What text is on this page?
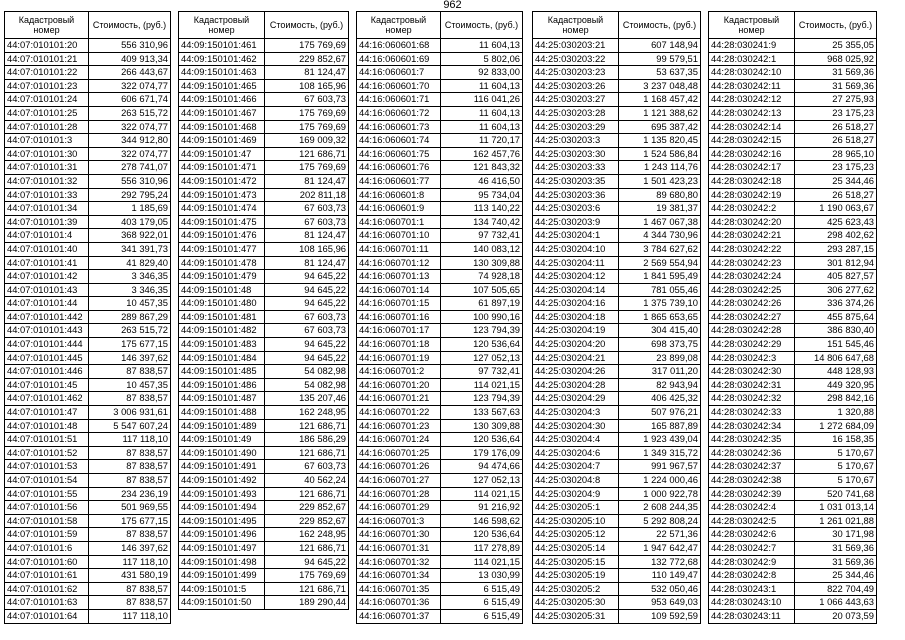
962
Кадастровый номер	Стоимость, (руб.)
44:07:010101:20	556 310,96
44:07:010101:21	409 913,34
44:07:010101:22	266 443,67
44:07:010101:23	322 074,77
44:07:010101:24	606 671,74
44:07:010101:25	263 515,72
44:07:010101:28	322 074,77
44:07:010101:3	344 912,80
44:07:010101:30	322 074,77
44:07:010101:31	278 741,07
44:07:010101:32	556 310,96
44:07:010101:33	292 795,24
44:07:010101:34	1 185,69
44:07:010101:39	403 179,05
44:07:010101:4	368 922,01
44:07:010101:40	341 391,73
44:07:010101:41	41 829,40
44:07:010101:42	3 346,35
44:07:010101:43	3 346,35
44:07:010101:44	10 457,35
44:07:010101:442	289 867,29
44:07:010101:443	263 515,72
44:07:010101:444	175 677,15
44:07:010101:445	146 397,62
44:07:010101:446	87 838,57
44:07:010101:45	10 457,35
44:07:010101:462	87 838,57
44:07:010101:47	3 006 931,61
44:07:010101:48	5 547 607,24
44:07:010101:51	117 118,10
44:07:010101:52	87 838,57
44:07:010101:53	87 838,57
44:07:010101:54	87 838,57
44:07:010101:55	234 236,19
44:07:010101:56	501 969,55
44:07:010101:58	175 677,15
44:07:010101:59	87 838,57
44:07:010101:6	146 397,62
44:07:010101:60	117 118,10
44:07:010101:61	431 580,19
44:07:010101:62	87 838,57
44:07:010101:63	87 838,57
44:07:010101:64	117 118,10
Кадастровый номер	Стоимость, (руб.)
44:09:150101:461	175 769,69
44:09:150101:462	229 852,67
44:09:150101:463	81 124,47
44:09:150101:465	108 165,96
44:09:150101:466	67 603,73
44:09:150101:467	175 769,69
44:09:150101:468	175 769,69
44:09:150101:469	169 009,32
44:09:150101:47	121 686,71
44:09:150101:471	175 769,69
44:09:150101:472	81 124,47
44:09:150101:473	202 811,18
44:09:150101:474	67 603,73
44:09:150101:475	67 603,73
44:09:150101:476	81 124,47
44:09:150101:477	108 165,96
44:09:150101:478	81 124,47
44:09:150101:479	94 645,22
44:09:150101:48	94 645,22
44:09:150101:480	94 645,22
44:09:150101:481	67 603,73
44:09:150101:482	67 603,73
44:09:150101:483	94 645,22
44:09:150101:484	94 645,22
44:09:150101:485	54 082,98
44:09:150101:486	54 082,98
44:09:150101:487	135 207,46
44:09:150101:488	162 248,95
44:09:150101:489	121 686,71
44:09:150101:49	186 586,29
44:09:150101:490	121 686,71
44:09:150101:491	67 603,73
44:09:150101:492	40 562,24
44:09:150101:493	121 686,71
44:09:150101:494	229 852,67
44:09:150101:495	229 852,67
44:09:150101:496	162 248,95
44:09:150101:497	121 686,71
44:09:150101:498	94 645,22
44:09:150101:499	175 769,69
44:09:150101:5	121 686,71
44:09:150101:50	189 290,44
Кадастровый номер	Стоимость, (руб.)
44:16:060601:68	11 604,13
44:16:060601:69	5 802,06
44:16:060601:7	92 833,00
44:16:060601:70	11 604,13
44:16:060601:71	116 041,26
44:16:060601:72	11 604,13
44:16:060601:73	11 604,13
44:16:060601:74	11 720,17
44:16:060601:75	162 457,76
44:16:060601:76	121 843,32
44:16:060601:77	46 416,50
44:16:060601:8	95 734,04
44:16:060601:9	113 140,22
44:16:060701:1	134 740,42
44:16:060701:10	97 732,41
44:16:060701:11	140 083,12
44:16:060701:12	130 309,88
44:16:060701:13	74 928,18
44:16:060701:14	107 505,65
44:16:060701:15	61 897,19
44:16:060701:16	100 990,16
44:16:060701:17	123 794,39
44:16:060701:18	120 536,64
44:16:060701:19	127 052,13
44:16:060701:2	97 732,41
44:16:060701:20	114 021,15
44:16:060701:21	123 794,39
44:16:060701:22	133 567,63
44:16:060701:23	130 309,88
44:16:060701:24	120 536,64
44:16:060701:25	179 176,09
44:16:060701:26	94 474,66
44:16:060701:27	127 052,13
44:16:060701:28	114 021,15
44:16:060701:29	91 216,92
44:16:060701:3	146 598,62
44:16:060701:30	120 536,64
44:16:060701:31	117 278,89
44:16:060701:32	114 021,15
44:16:060701:34	13 030,99
44:16:060701:35	6 515,49
44:16:060701:36	6 515,49
44:16:060701:37	6 515,49
Кадастровый номер	Стоимость, (руб.)
44:25:030203:21	607 148,94
44:25:030203:22	99 579,51
44:25:030203:23	53 637,35
44:25:030203:26	3 237 048,48
44:25:030203:27	1 168 457,42
44:25:030203:28	1 121 388,62
44:25:030203:29	695 387,42
44:25:030203:3	1 135 820,45
44:25:030203:30	1 524 586,84
44:25:030203:33	1 243 114,76
44:25:030203:35	1 501 423,23
44:25:030203:36	89 680,80
44:25:030203:6	19 381,37
44:25:030203:9	1 467 067,38
44:25:030204:1	4 344 730,96
44:25:030204:10	3 784 627,62
44:25:030204:11	2 569 554,94
44:25:030204:12	1 841 595,49
44:25:030204:14	781 055,46
44:25:030204:16	1 375 739,10
44:25:030204:18	1 865 653,65
44:25:030204:19	304 415,40
44:25:030204:20	698 373,75
44:25:030204:21	23 899,08
44:25:030204:26	317 011,20
44:25:030204:28	82 943,94
44:25:030204:29	406 425,32
44:25:030204:3	507 976,21
44:25:030204:30	165 887,89
44:25:030204:4	1 923 439,04
44:25:030204:6	1 349 315,72
44:25:030204:7	991 967,57
44:25:030204:8	1 224 000,46
44:25:030204:9	1 000 922,78
44:25:030205:1	2 608 244,35
44:25:030205:10	5 292 808,24
44:25:030205:12	22 571,36
44:25:030205:14	1 947 642,47
44:25:030205:15	132 772,68
44:25:030205:19	110 149,47
44:25:030205:2	532 050,46
44:25:030205:30	953 649,03
44:25:030205:31	109 592,59
Кадастровый номер	Стоимость, (руб.)
44:28:030241:9	25 355,05
44:28:030242:1	968 025,92
44:28:030242:10	31 569,36
44:28:030242:11	31 569,36
44:28:030242:12	27 275,93
44:28:030242:13	23 175,23
44:28:030242:14	26 518,27
44:28:030242:15	26 518,27
44:28:030242:16	28 965,10
44:28:030242:17	23 175,23
44:28:030242:18	25 344,46
44:28:030242:19	26 518,27
44:28:030242:2	1 190 063,67
44:28:030242:20	425 623,43
44:28:030242:21	298 402,62
44:28:030242:22	293 287,15
44:28:030242:23	301 812,94
44:28:030242:24	405 827,57
44:28:030242:25	306 277,62
44:28:030242:26	336 374,26
44:28:030242:27	455 875,64
44:28:030242:28	386 830,40
44:28:030242:29	151 545,46
44:28:030242:3	14 806 647,68
44:28:030242:30	448 128,93
44:28:030242:31	449 320,95
44:28:030242:32	298 842,16
44:28:030242:33	1 320,88
44:28:030242:34	1 272 684,09
44:28:030242:35	16 158,35
44:28:030242:36	5 170,67
44:28:030242:37	5 170,67
44:28:030242:38	5 170,67
44:28:030242:39	520 741,68
44:28:030242:4	1 031 013,14
44:28:030242:5	1 261 021,88
44:28:030242:6	30 171,98
44:28:030242:7	31 569,36
44:28:030242:9	31 569,36
44:28:030242:8	25 344,46
44:28:030243:1	822 704,49
44:28:030243:10	1 066 443,63
44:28:030243:11	20 073,59
